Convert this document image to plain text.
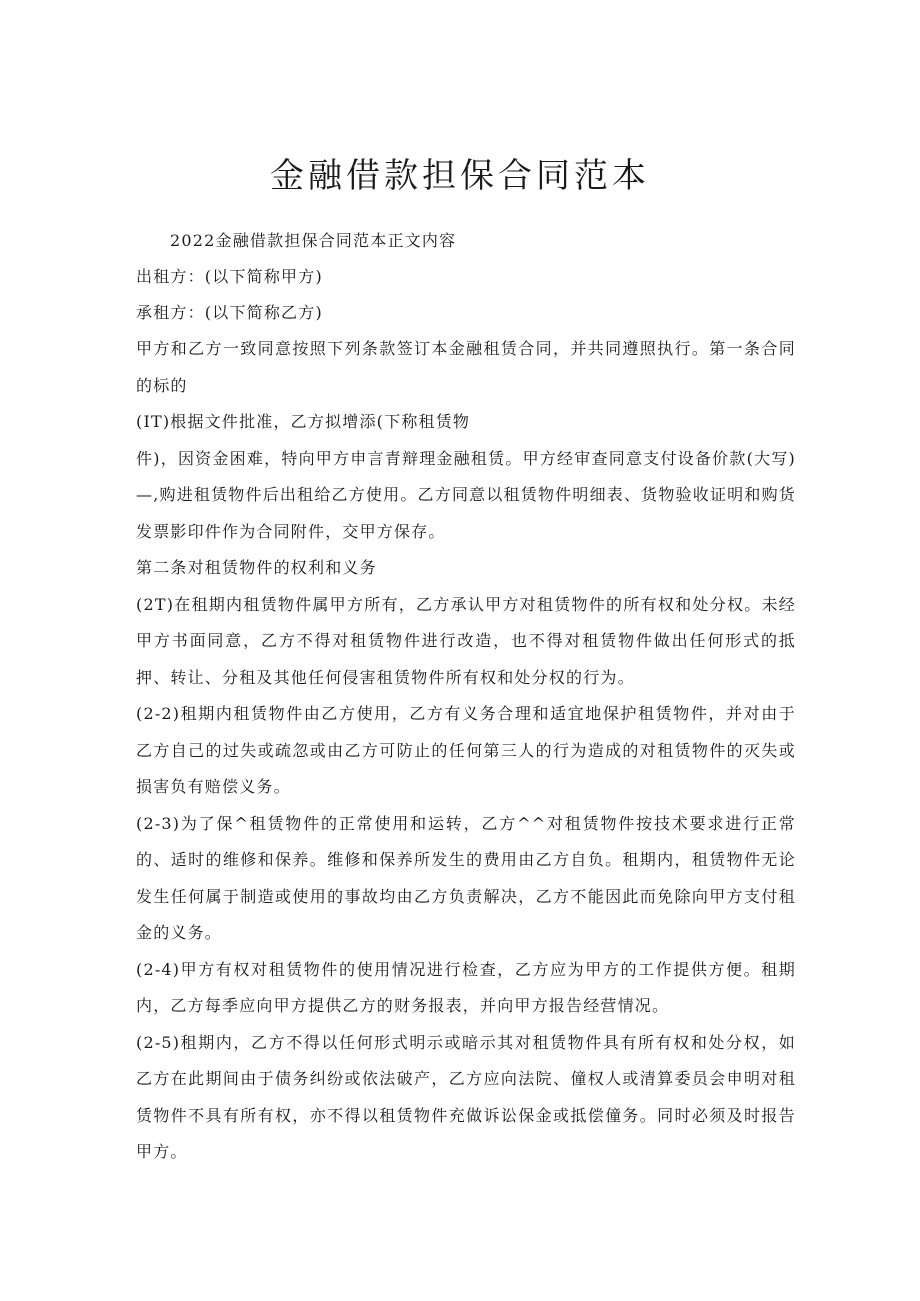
金融借款担保合同范本

2022金融借款担保合同范本正文内容

出租方：(以下简称甲方)

承租方：(以下简称乙方)

甲方和乙方一致同意按照下列条款签订本金融租赁合同，并共同遵照执行。第一条合同的标的

(IT)根据文件批准，乙方拟增添(下称租赁物

件)，因资金困难，特向甲方申言青辩理金融租赁。甲方经审查同意支付设备价款(大写)—,购进租赁物件后出租给乙方使用。乙方同意以租赁物件明细表、货物验收证明和购货发票影印件作为合同附件，交甲方保存。

第二条对租赁物件的权利和义务

(2T)在租期内租赁物件属甲方所有，乙方承认甲方对租赁物件的所有权和处分权。未经甲方书面同意，乙方不得对租赁物件进行改造，也不得对租赁物件做出任何形式的抵押、转让、分租及其他任何侵害租赁物件所有权和处分权的行为。

(2-2)租期内租赁物件由乙方使用，乙方有义务合理和适宜地保护租赁物件，并对由于乙方自己的过失或疏忽或由乙方可防止的任何第三人的行为造成的对租赁物件的灭失或损害负有赔偿义务。

(2-3)为了保^租赁物件的正常使用和运转，乙方^^对租赁物件按技术要求进行正常的、适时的维修和保养。维修和保养所发生的费用由乙方自负。租期内，租赁物件无论发生任何属于制造或使用的事故均由乙方负责解决，乙方不能因此而免除向甲方支付租金的义务。

(2-4)甲方有权对租赁物件的使用情况进行检查，乙方应为甲方的工作提供方便。租期内，乙方每季应向甲方提供乙方的财务报表，并向甲方报告经营情况。

(2-5)租期内，乙方不得以任何形式明示或暗示其对租赁物件具有所有权和处分权，如乙方在此期间由于债务纠纷或依法破产，乙方应向法院、僮权人或清算委员会申明对租赁物件不具有所有权，亦不得以租赁物件充做诉讼保金或抵偿僮务。同时必须及时报告甲方。
